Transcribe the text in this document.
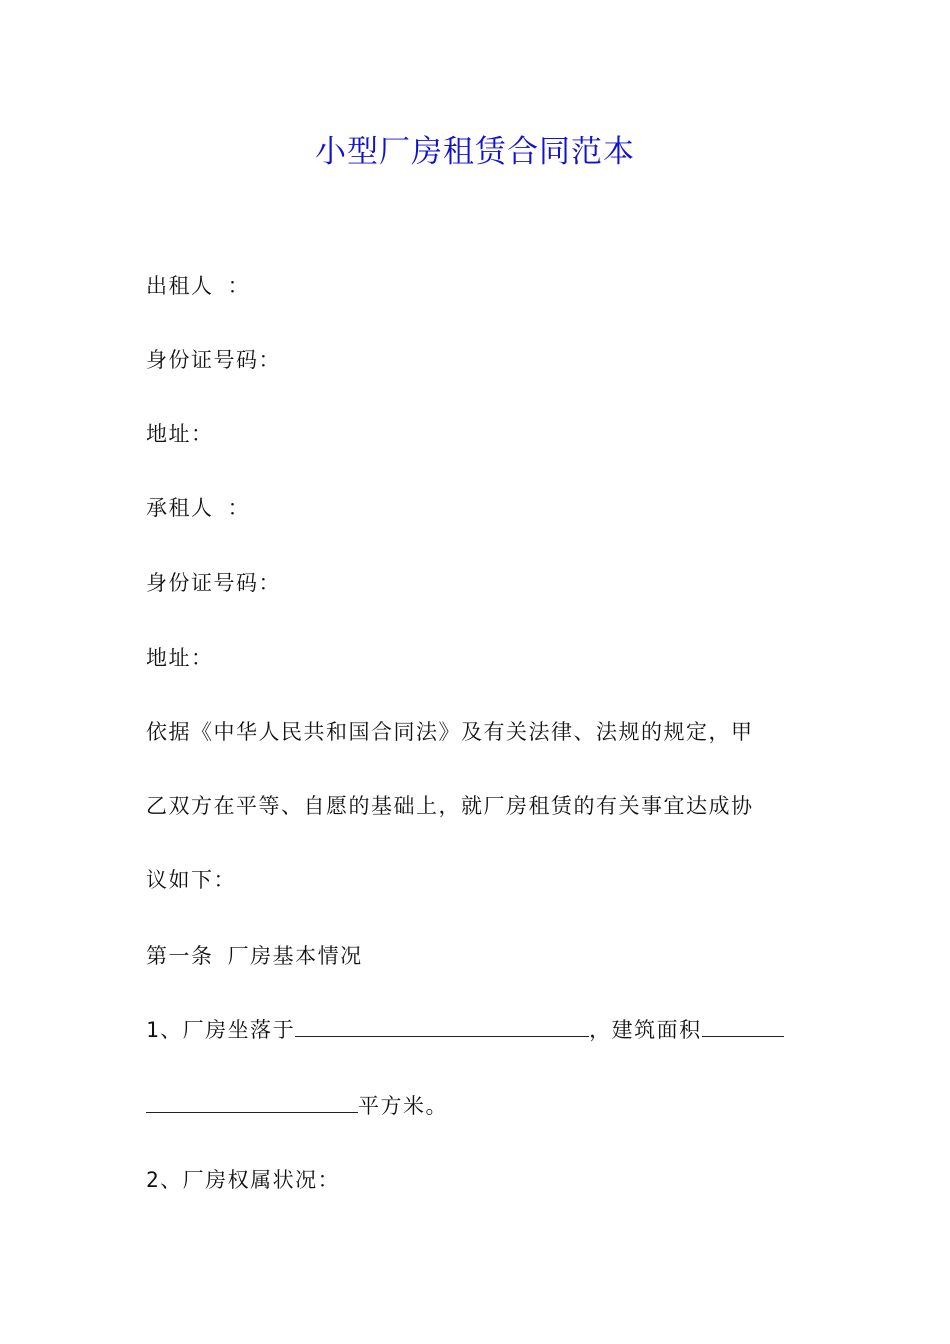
小型厂房租赁合同范本
出租人 ：
身份证号码：
地址：
承租人 ：
身份证号码：
地址：
依据《中华人民共和国合同法》及有关法律、法规的规定，甲
乙双方在平等、自愿的基础上，就厂房租赁的有关事宜达成协
议如下：
第一条 厂房基本情况
1、厂房坐落于	，建筑面积
平方米。
2、厂房权属状况：
